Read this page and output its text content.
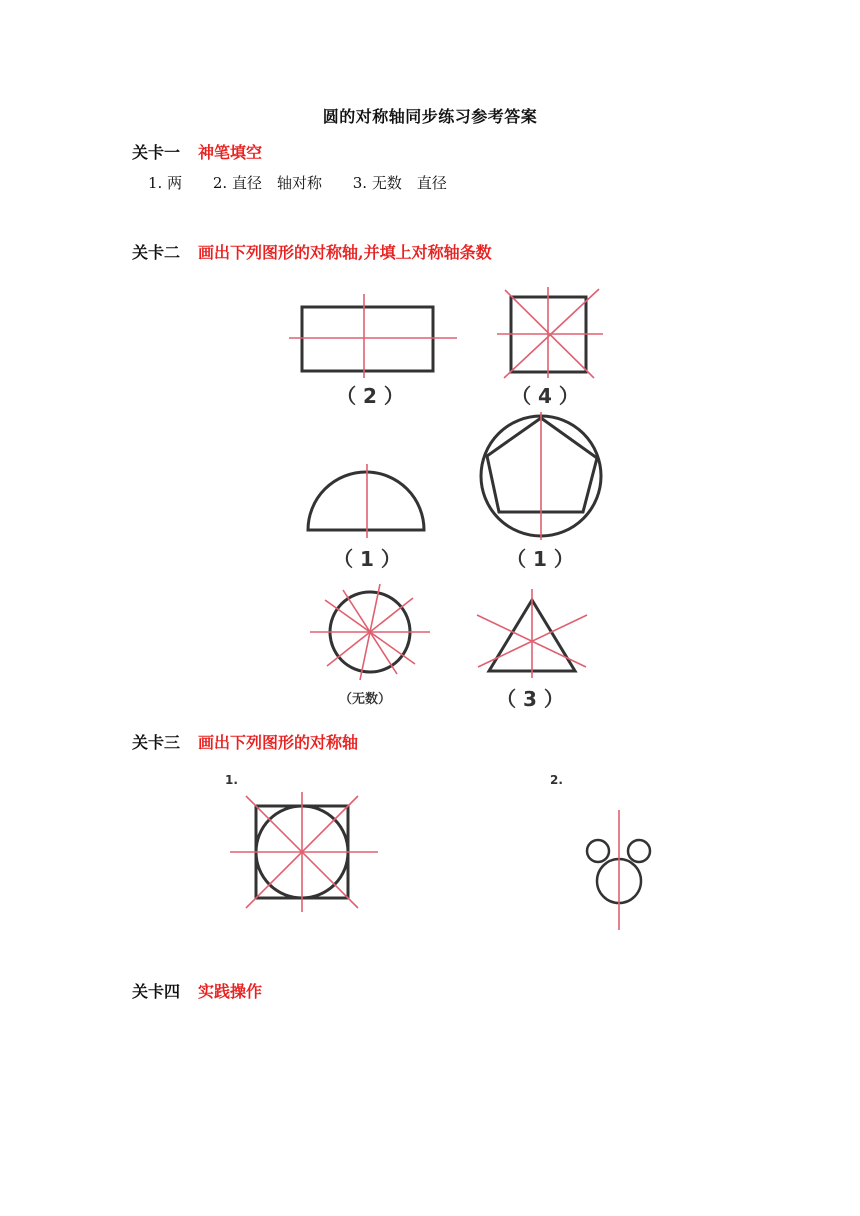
圆的对称轴同步练习参考答案
关卡一 神笔填空
1. 两 2. 直径　轴对称 3. 无数　直径
关卡二 画出下列图形的对称轴,并填上对称轴条数
（ 2 ）	（ 4 ）
（ 1 ）	（ 1 ）
（无数）	（ 3 ）
关卡三 画出下列图形的对称轴
1.	2.
关卡四 实践操作
